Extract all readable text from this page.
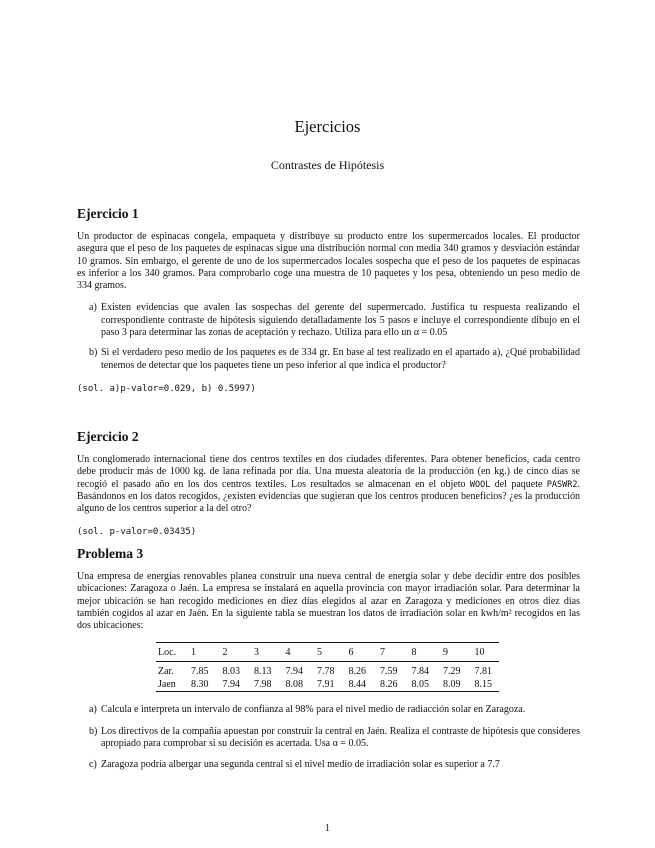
Ejercicios
Contrastes de Hipótesis
Ejercicio 1

Un productor de espinacas congela, empaqueta y distribuye su producto entre los supermercados locales. El productor asegura que el peso de los paquetes de espinacas sigue una distribución normal con media 340 gramos y desviación estándar 10 gramos. Sin embargo, el gerente de uno de los supermercados locales sospecha que el peso de los paquetes de espinacas es inferior a los 340 gramos. Para comprobarlo coge una muestra de 10 paquetes y los pesa, obteniendo un peso medio de 334 gramos.

a) Existen evidencias que avalen las sospechas del gerente del supermercado. Justifica tu respuesta realizando el correspondiente contraste de hipótesis siguiendo detalladamente los 5 pasos e incluye el correspondiente dibujo en el paso 3 para determinar las zonas de aceptación y rechazo. Utiliza para ello un α = 0.05
b) Si el verdadero peso medio de los paquetes es de 334 gr. En base al test realizado en el apartado a), ¿Qué probabilidad tenemos de detectar que los paquetes tiene un peso inferior al que indica el productor?

(sol. a)p-valor=0.029, b) 0.5997)

Ejercicio 2

Un conglomerado internacional tiene dos centros textiles en dos ciudades diferentes. Para obtener beneficios, cada centro debe producir más de 1000 kg. de lana refinada por día. Una muesta aleatoria de la producción (en kg.) de cinco días se recogió el pasado año en los dos centros textiles. Los resultados se almacenan en el objeto WOOL del paquete PASWR2. Basándonos en los datos recogidos, ¿existen evidencias que sugieran que los centros producen beneficios? ¿es la producción alguno de los centros superior a la del otro?

(sol. p-valor=0.03435)

Problema 3

Una empresa de energías renovables planea construir una nueva central de energía solar y debe decidir entre dos posibles ubicaciones: Zaragoza o Jaén. La empresa se instalará en aquella provincia con mayor irradiación solar. Para determinar la mejor ubicación se han recogido mediciones en diez días elegidos al azar en Zaragoza y mediciones en otros diez días también cogidos al azar en Jaén. En la siguiente tabla se muestran los datos de irradiación solar en kwh/m² recogidos en las dos ubicaciones:

Loc.	1	2	3	4	5	6	7	8	9	10
Zar.	7.85	8.03	8.13	7.94	7.78	8.26	7.59	7.84	7.29	7.81
Jaen	8.30	7.94	7.98	8.08	7.91	8.44	8.26	8.05	8.09	8.15
a) Calcula e interpreta un intervalo de confianza al 98% para el nivel medio de radiacción solar en Zaragoza.
b) Los directivos de la compañía apuestan por construir la central en Jaén. Realiza el contraste de hipótesis que consideres apropiado para comprobar si su decisión es acertada. Usa α = 0.05.
c) Zaragoza podría albergar una segunda central si el nivel medio de irradiación solar es superior a 7.7
1
